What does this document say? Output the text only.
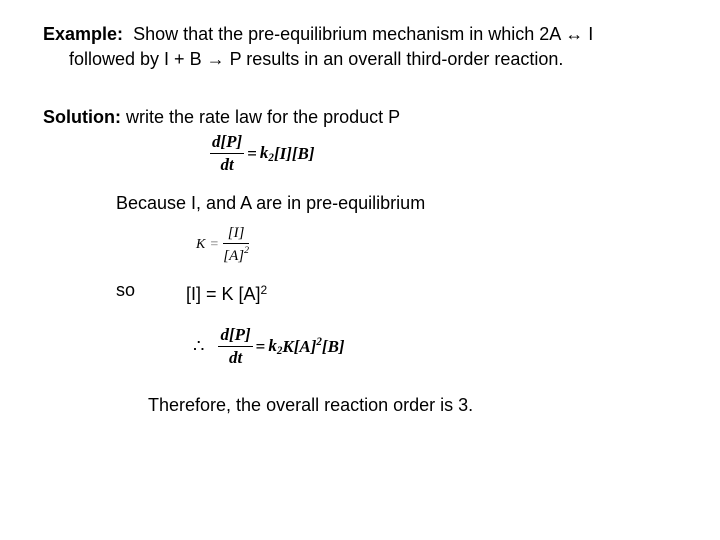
Example: Show that the pre-equilibrium mechanism in which 2A ↔ I
followed by I + B → P results in an overall third-order reaction.
Solution: write the rate law for the product P
$\frac{d[P]}{dt} = k_2$ [I][B]
Because I, and A are in pre-equilibrium
$K = \frac{[I]}{[A]^2}$
so	[I] = K $[A]^2$
∴ $\frac{d[P]}{dt} = k_2$ $K[A]^2$ [B]
Therefore, the overall reaction order is 3.
